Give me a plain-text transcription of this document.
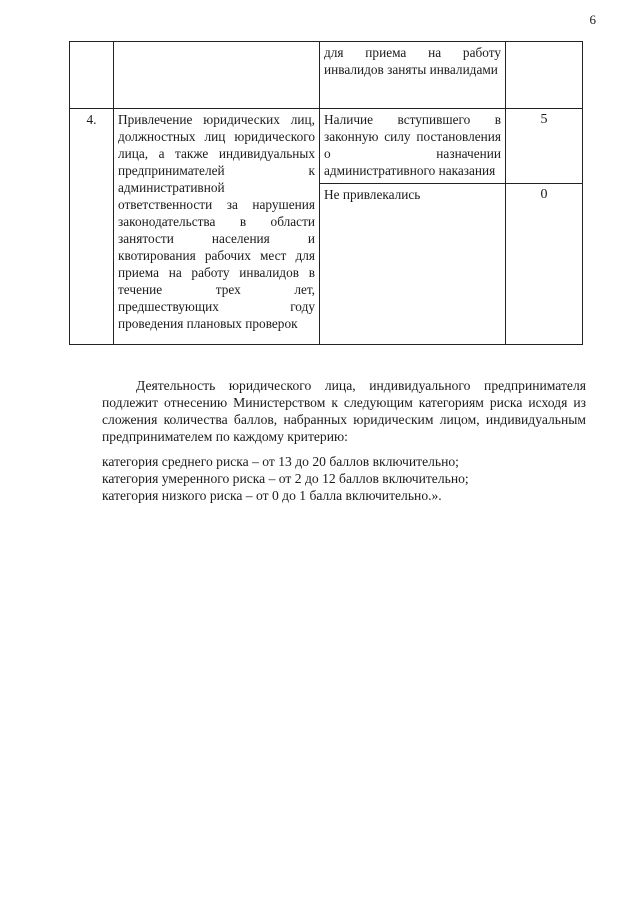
6
		для приема на работу инвалидов заняты инвалидами	
4.	Привлечение юридических лиц, должностных лиц юридического лица, а также индивидуальных предпринимателей к административной ответственности за нарушения законодательства в области занятости населения и квотирования рабочих мест для приема на работу инвалидов в течение трех лет, предшествующих году проведения плановых проверок	Наличие вступившего в законную силу постановления о назначении административного наказания	5
		Не привлекались	0
Деятельность юридического лица, индивидуального предпринимателя подлежит отнесению Министерством к следующим категориям риска исходя из сложения количества баллов, набранных юридическим лицом, индивидуальным предпринимателем по каждому критерию:
категория среднего риска – от 13 до 20 баллов включительно;
категория умеренного риска – от 2 до 12 баллов включительно;
категория низкого риска – от 0 до 1 балла включительно.».
